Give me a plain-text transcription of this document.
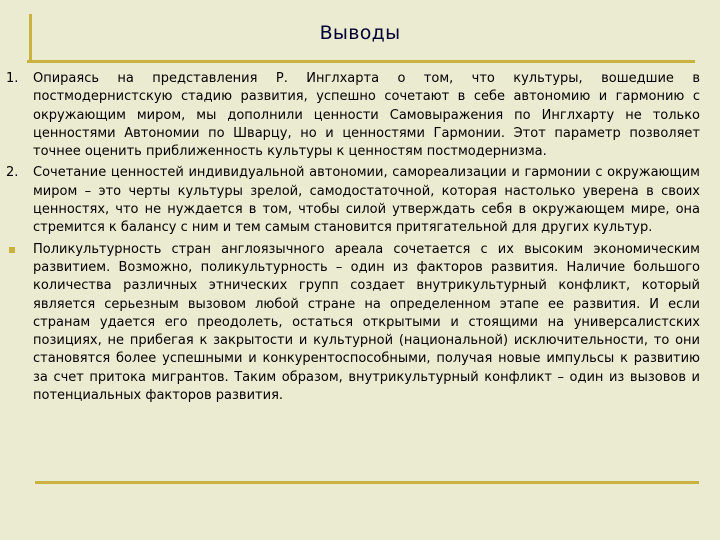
Выводы
1. Опираясь на представления Р. Инглхарта о том, что культуры, вошедшие в постмодернистскую стадию развития, успешно сочетают в себе автономию и гармонию с окружающим миром, мы дополнили ценности Самовыражения по Инглхарту не только ценностями Автономии по Шварцу, но и ценностями Гармонии. Этот параметр позволяет точнее оценить приближенность культуры к ценностям постмодернизма.
2. Сочетание ценностей индивидуальной автономии, самореализации и гармонии с окружающим миром – это черты культуры зрелой, самодостаточной, которая настолько уверена в своих ценностях, что не нуждается в том, чтобы силой утверждать себя в окружающем мире, она стремится к балансу с ним и тем самым становится притягательной для других культур.
Поликультурность стран англоязычного ареала сочетается с их высоким экономическим развитием. Возможно, поликультурность – один из факторов развития. Наличие большого количества различных этнических групп создает внутрикультурный конфликт, который является серьезным вызовом любой стране на определенном этапе ее развития. И если странам удается его преодолеть, остаться открытыми и стоящими на универсалистских позициях, не прибегая к закрытости и культурной (национальной) исключительности, то они становятся более успешными и конкурентоспособными, получая новые импульсы к развитию за счет притока мигрантов. Таким образом, внутрикультурный конфликт – один из вызовов и потенциальных факторов развития.
